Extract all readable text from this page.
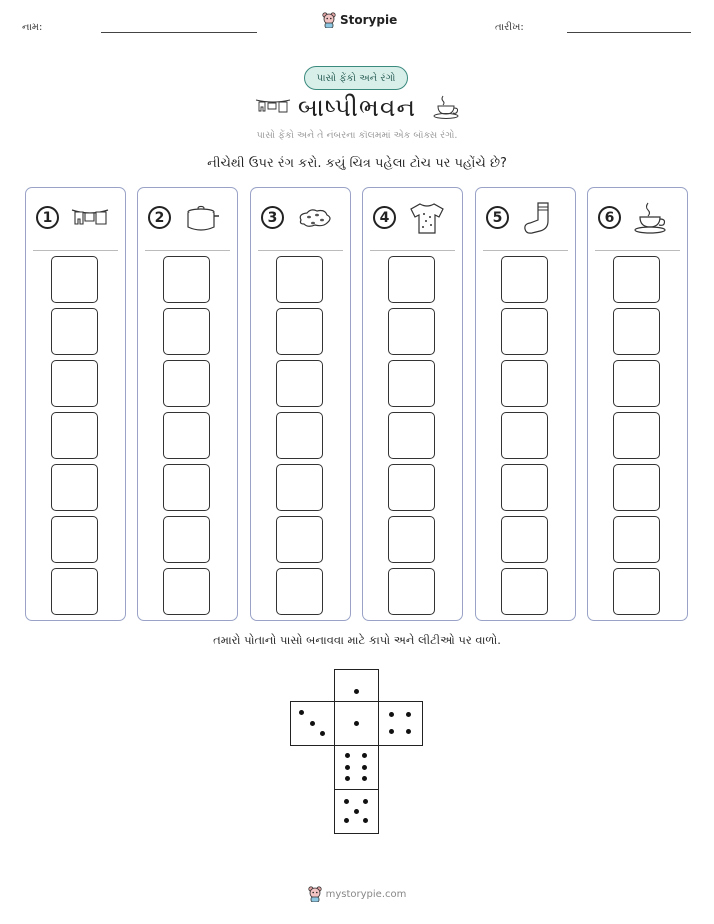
નામ:
Storypie
તારીખ:
પાસો ફેંકો અને રંગો
બાષ્પીભવન
પાસો ફેંકો અને તે નંબરના કૉલમમાં એક બૉક્સ રંગો.
નીચેથી ઉપર રંગ કરો. કયું ચિત્ર પહેલા ટોચ પર પહોંચે છે?
1	2	3	4	5	6
તમારો પોતાનો પાસો બનાવવા માટે કાપો અને લીટીઓ પર વાળો.
mystorypie.com
